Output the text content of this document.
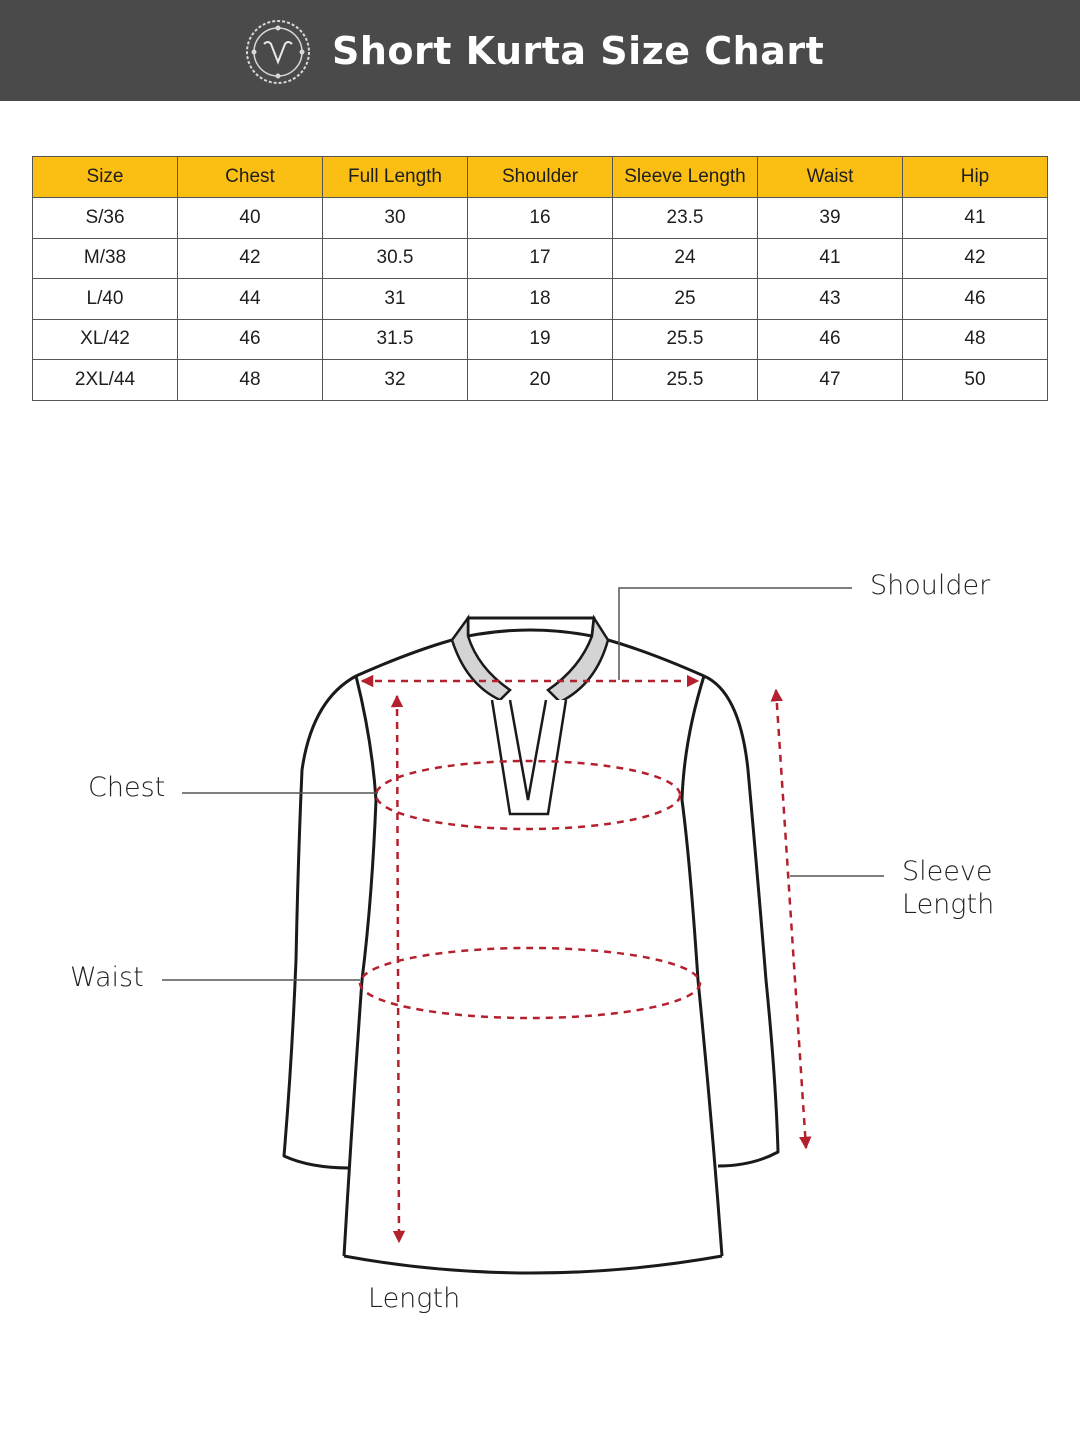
Short Kurta Size Chart
Size	Chest	Full Length	Shoulder	Sleeve Length	Waist	Hip
S/36	40	30	16	23.5	39	41
M/38	42	30.5	17	24	41	42
L/40	44	31	18	25	43	46
XL/42	46	31.5	19	25.5	46	48
2XL/44	48	32	20	25.5	47	50
Shoulder
Chest
Waist
Sleeve
Length
Length
